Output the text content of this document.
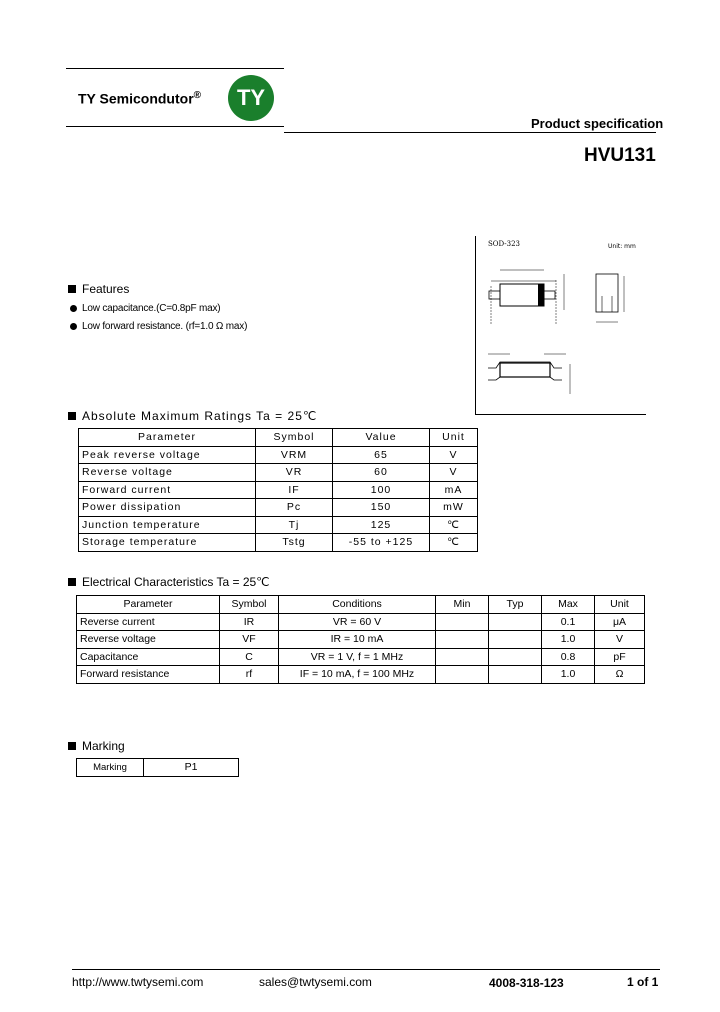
TY Semicondutor® TY
Product specification
HVU131
SOD-323	Unit: mm
Features
Low capacitance.(C=0.8pF max)
Low forward resistance. (rf=1.0 Ω max)
Absolute Maximum Ratings Ta = 25℃
Parameter	Symbol	Value	Unit
Peak reverse voltage	VRM	65	V
Reverse voltage	VR	60	V
Forward current	IF	100	mA
Power dissipation	Pc	150	mW
Junction temperature	Tj	125	℃
Storage temperature	Tstg	-55 to +125	℃
Electrical Characteristics Ta = 25℃
Parameter	Symbol	Conditions	Min	Typ	Max	Unit
Reverse current	IR	VR = 60 V			0.1	μA
Reverse voltage	VF	IR = 10 mA			1.0	V
Capacitance	C	VR = 1 V, f = 1 MHz			0.8	pF
Forward resistance	rf	IF = 10 mA, f = 100 MHz			1.0	Ω
Marking
Marking	P1
http://www.twtysemi.com	sales@twtysemi.com	4008-318-123	1 of 1
